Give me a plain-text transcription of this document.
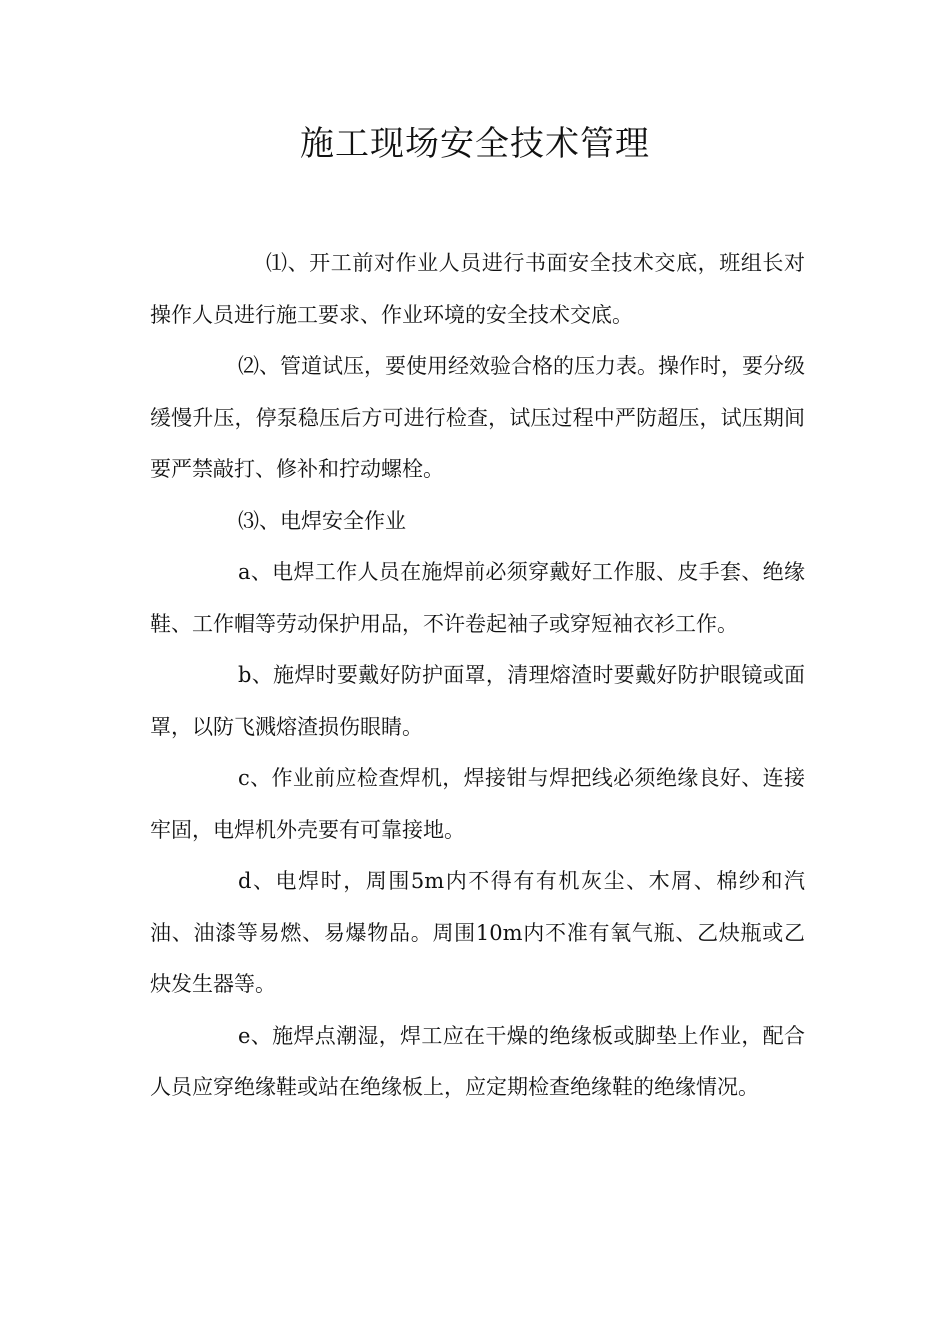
施工现场安全技术管理

⑴、开工前对作业人员进行书面安全技术交底，班组长对操作人员进行施工要求、作业环境的安全技术交底。

⑵、管道试压，要使用经效验合格的压力表。操作时，要分级缓慢升压，停泵稳压后方可进行检查，试压过程中严防超压，试压期间要严禁敲打、修补和拧动螺栓。

⑶、电焊安全作业

a、电焊工作人员在施焊前必须穿戴好工作服、皮手套、绝缘鞋、工作帽等劳动保护用品，不许卷起袖子或穿短袖衣衫工作。

b、施焊时要戴好防护面罩，清理熔渣时要戴好防护眼镜或面罩，以防飞溅熔渣损伤眼睛。

c、作业前应检查焊机，焊接钳与焊把线必须绝缘良好、连接牢固，电焊机外壳要有可靠接地。

d、电焊时，周围5m内不得有有机灰尘、木屑、棉纱和汽油、油漆等易燃、易爆物品。周围10m内不准有氧气瓶、乙炔瓶或乙炔发生器等。

e、施焊点潮湿，焊工应在干燥的绝缘板或脚垫上作业，配合人员应穿绝缘鞋或站在绝缘板上，应定期检查绝缘鞋的绝缘情况。
